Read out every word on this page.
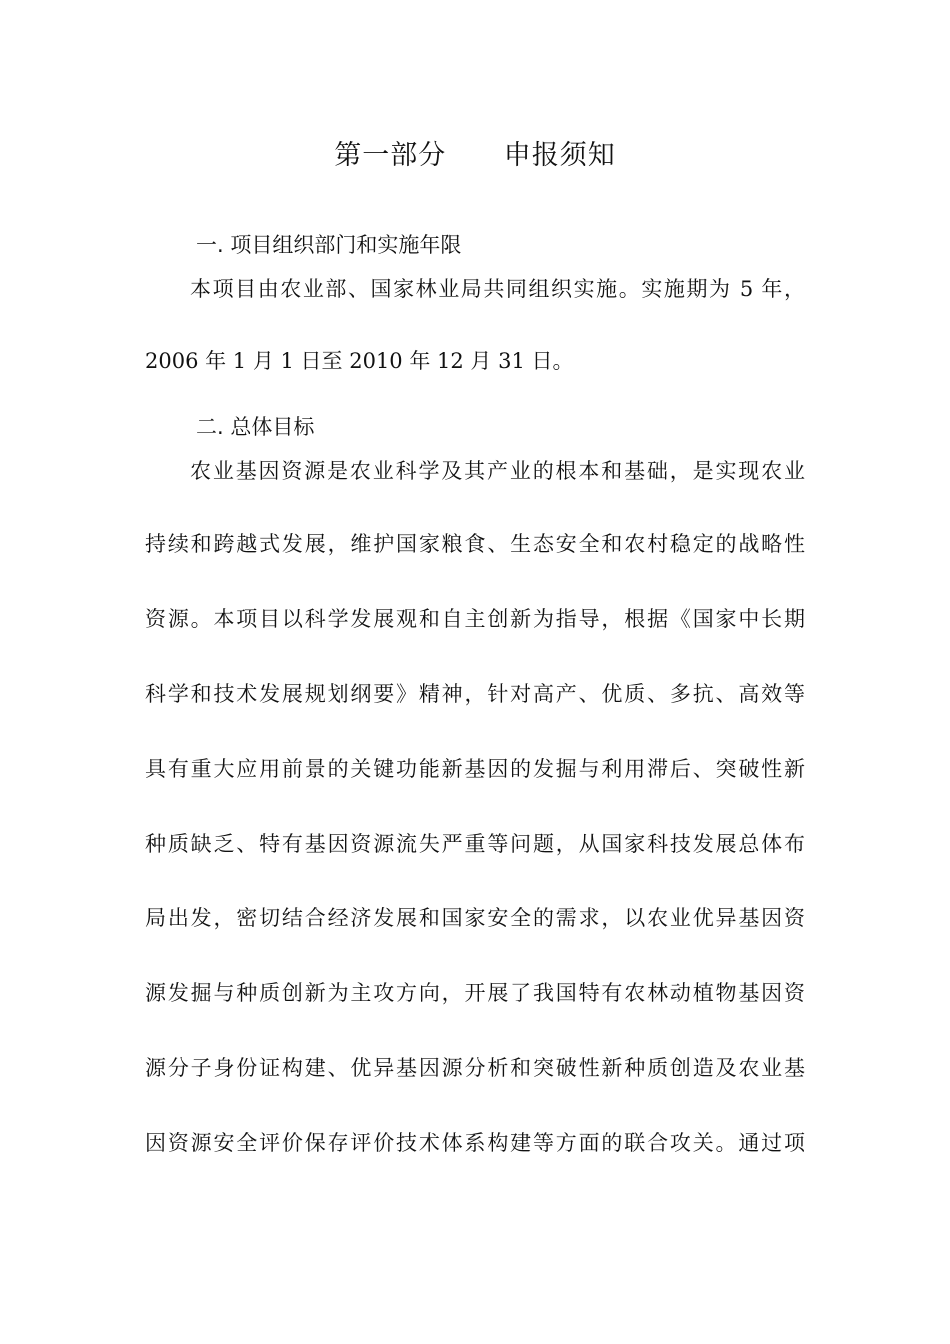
第一部分      申报须知
一. 项目组织部门和实施年限
本项目由农业部、国家林业局共同组织实施。实施期为 5 年，
2006 年 1 月 1 日至 2010 年 12 月 31 日。
二. 总体目标
农业基因资源是农业科学及其产业的根本和基础，是实现农业
持续和跨越式发展，维护国家粮食、生态安全和农村稳定的战略性
资源。本项目以科学发展观和自主创新为指导，根据《国家中长期
科学和技术发展规划纲要》精神，针对高产、优质、多抗、高效等
具有重大应用前景的关键功能新基因的发掘与利用滞后、突破性新
种质缺乏、特有基因资源流失严重等问题，从国家科技发展总体布
局出发，密切结合经济发展和国家安全的需求，以农业优异基因资
源发掘与种质创新为主攻方向，开展了我国特有农林动植物基因资
源分子身份证构建、优异基因源分析和突破性新种质创造及农业基
因资源安全评价保存评价技术体系构建等方面的联合攻关。通过项
